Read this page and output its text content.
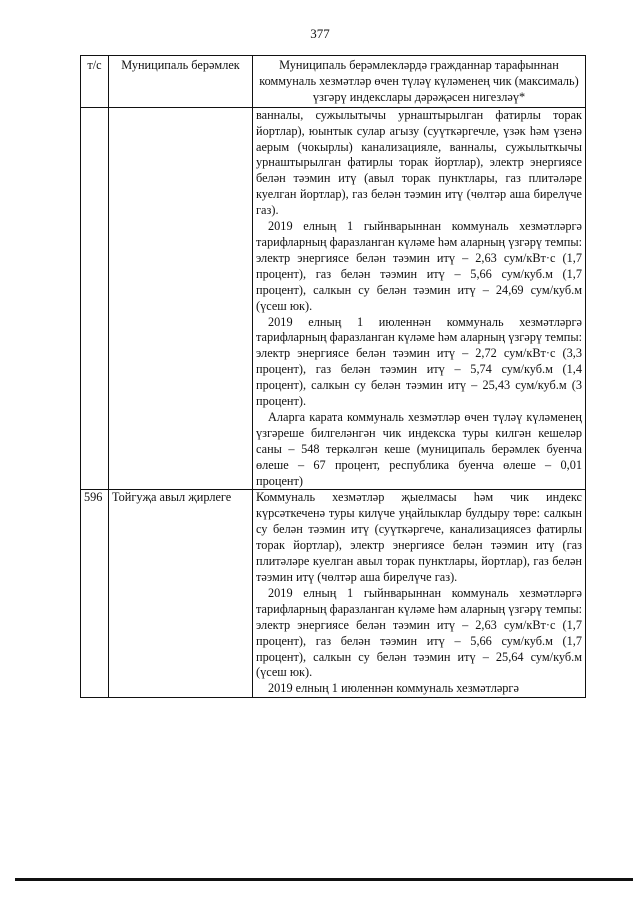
377
т/с	Муниципаль берәмлек	Муниципаль берәмлекләрдә гражданнар тарафыннан коммуналь хезмәтләр өчен түләү күләменең чик (максималь) үзгәрү индекслары дәрәҗәсен нигезләү*

		ванналы, сужылытычы урнаштырылган фатирлы торак йортлар), юынтык сулар агызу (суүткәргечле, үзәк һәм үзенә аерым (чокырлы) канализацияле, ванналы, сужылыткычы урнаштырылган фатирлы торак йортлар), электр энергиясе белән тәэмин итү (авыл торак пунктлары, газ плитәләре куелган йортлар), газ белән тәэмин итү (чөлтәр аша бирелүче газ).

2019 елның 1 гыйнварыннан коммуналь хезмәтләргә тарифларның фаразланган күләме һәм аларның үзгәрү темпы: электр энергиясе белән тәэмин итү – 2,63 сум/кВт·с (1,7 процент), газ белән тәэмин итү – 5,66 сум/куб.м (1,7 процент), салкын су белән тәэмин итү – 24,69 сум/куб.м (үсеш юк).

2019 елның 1 июленнән коммуналь хезмәтләргә тарифларның фаразланган күләме һәм аларның үзгәрү темпы: электр энергиясе белән тәэмин итү – 2,72 сум/кВт·с (3,3 процент), газ белән тәэмин итү – 5,74 сум/куб.м (1,4 процент), салкын су белән тәэмин итү – 25,43 сум/куб.м (3 процент).

Аларга карата коммуналь хезмәтләр өчен түләү күләменең үзгәреше билгеләнгән чик индекска туры килгән кешеләр саны – 548 теркәлгән кеше (муниципаль берәмлек буенча өлеше – 67 процент, республика буенча өлеше – 0,01 процент)

596	Тойгуҗа авыл җирлеге	Коммуналь хезмәтләр җыелмасы һәм чик индекс күрсәткеченә туры килүче уңайлыклар булдыру төре: салкын су белән тәэмин итү (суүткәргече, канализациясез фатирлы торак йортлар), электр энергиясе белән тәэмин итү (газ плитәләре куелган авыл торак пунктлары, йортлар), газ белән тәэмин итү (чөлтәр аша бирелүче газ).

2019 елның 1 гыйнварыннан коммуналь хезмәтләргә тарифларның фаразланган күләме һәм аларның үзгәрү темпы: электр энергиясе белән тәэмин итү – 2,63 сум/кВт·с (1,7 процент), газ белән тәэмин итү – 5,66 сум/куб.м (1,7 процент), салкын су белән тәэмин итү – 25,64 сум/куб.м (үсеш юк).

2019 елның 1 июленнән коммуналь хезмәтләргә
